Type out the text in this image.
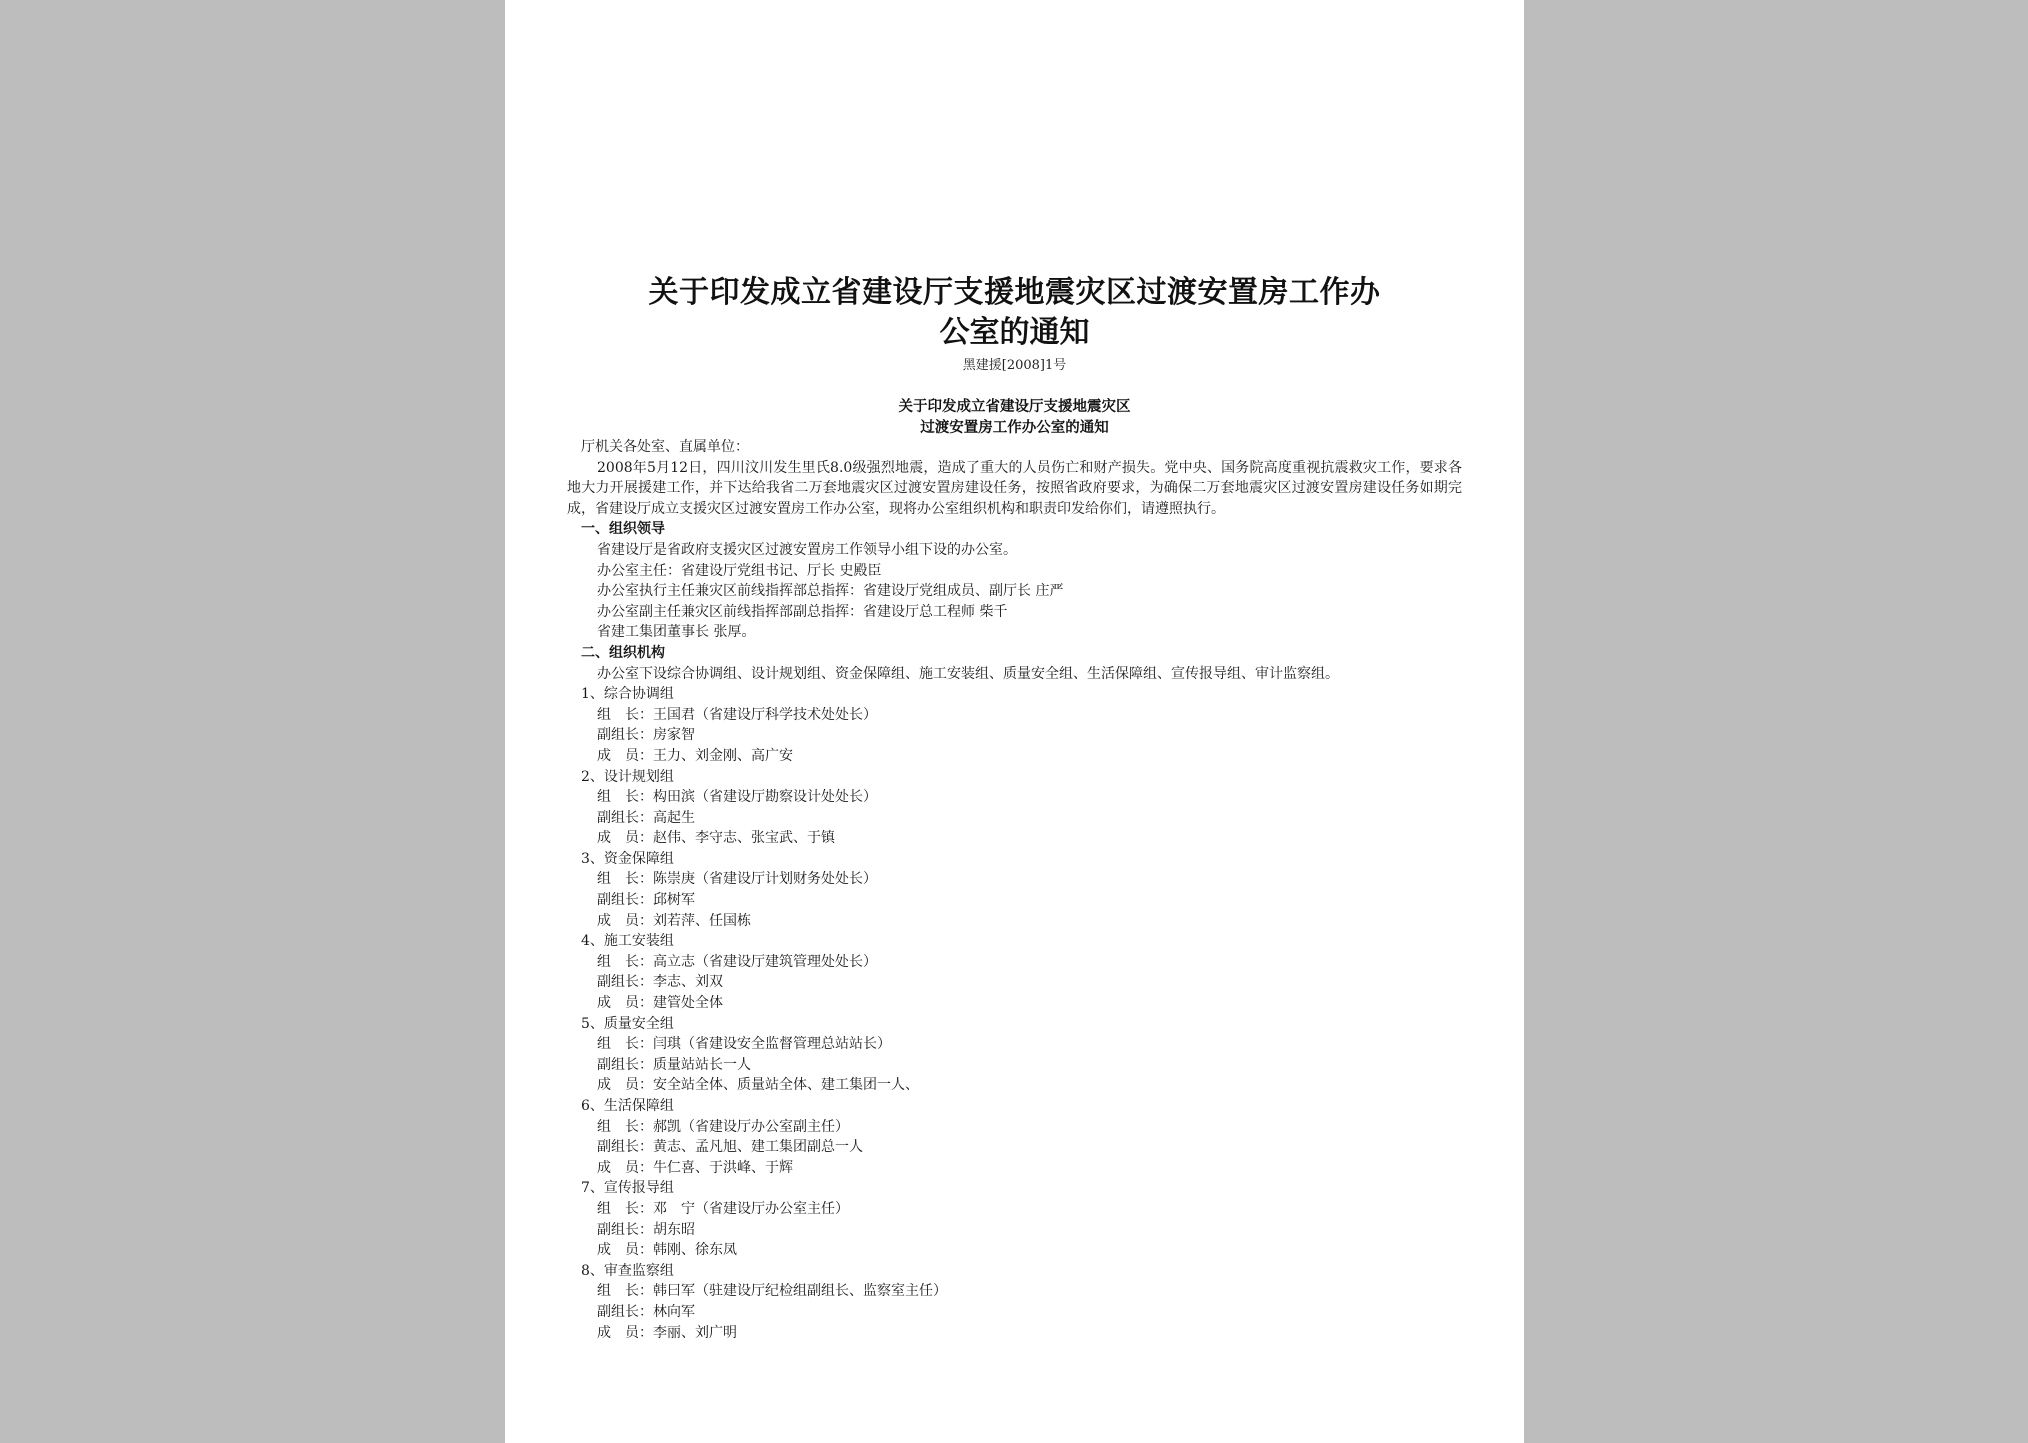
关于印发成立省建设厅支援地震灾区过渡安置房工作办
公室的通知
黑建援[2008]1号
关于印发成立省建设厅支援地震灾区
过渡安置房工作办公室的通知
厅机关各处室、直属单位：
2008年5月12日，四川汶川发生里氏8.0级强烈地震，造成了重大的人员伤亡和财产损失。党中央、国务院高度重视抗震救灾工作，要求各地大力开展援建工作，并下达给我省二万套地震灾区过渡安置房建设任务，按照省政府要求，为确保二万套地震灾区过渡安置房建设任务如期完成，省建设厅成立支援灾区过渡安置房工作办公室，现将办公室组织机构和职责印发给你们，请遵照执行。
一、组织领导
省建设厅是省政府支援灾区过渡安置房工作领导小组下设的办公室。
办公室主任：省建设厅党组书记、厅长 史殿臣
办公室执行主任兼灾区前线指挥部总指挥：省建设厅党组成员、副厅长 庄严
办公室副主任兼灾区前线指挥部副总指挥：省建设厅总工程师 柴千
省建工集团董事长 张厚。
二、组织机构
办公室下设综合协调组、设计规划组、资金保障组、施工安装组、质量安全组、生活保障组、宣传报导组、审计监察组。
1、综合协调组
组　长：王国君（省建设厅科学技术处处长）
副组长：房家智
成　员：王力、刘金刚、高广安
2、设计规划组
组　长：构田滨（省建设厅勘察设计处处长）
副组长：高起生
成　员：赵伟、李守志、张宝武、于镇
3、资金保障组
组　长：陈崇庚（省建设厅计划财务处处长）
副组长：邱树军
成　员：刘若萍、任国栋
4、施工安装组
组　长：高立志（省建设厅建筑管理处处长）
副组长：李志、刘双
成　员：建管处全体
5、质量安全组
组　长：闫琪（省建设安全监督管理总站站长）
副组长：质量站站长一人
成　员：安全站全体、质量站全体、建工集团一人、
6、生活保障组
组　长：郝凯（省建设厅办公室副主任）
副组长：黄志、孟凡旭、建工集团副总一人
成　员：牛仁喜、于洪峰、于辉
7、宣传报导组
组　长：邓　宁（省建设厅办公室主任）
副组长：胡东昭
成　员：韩刚、徐东凤
8、审查监察组
组　长：韩曰军（驻建设厅纪检组副组长、监察室主任）
副组长：林向军
成　员：李丽、刘广明
